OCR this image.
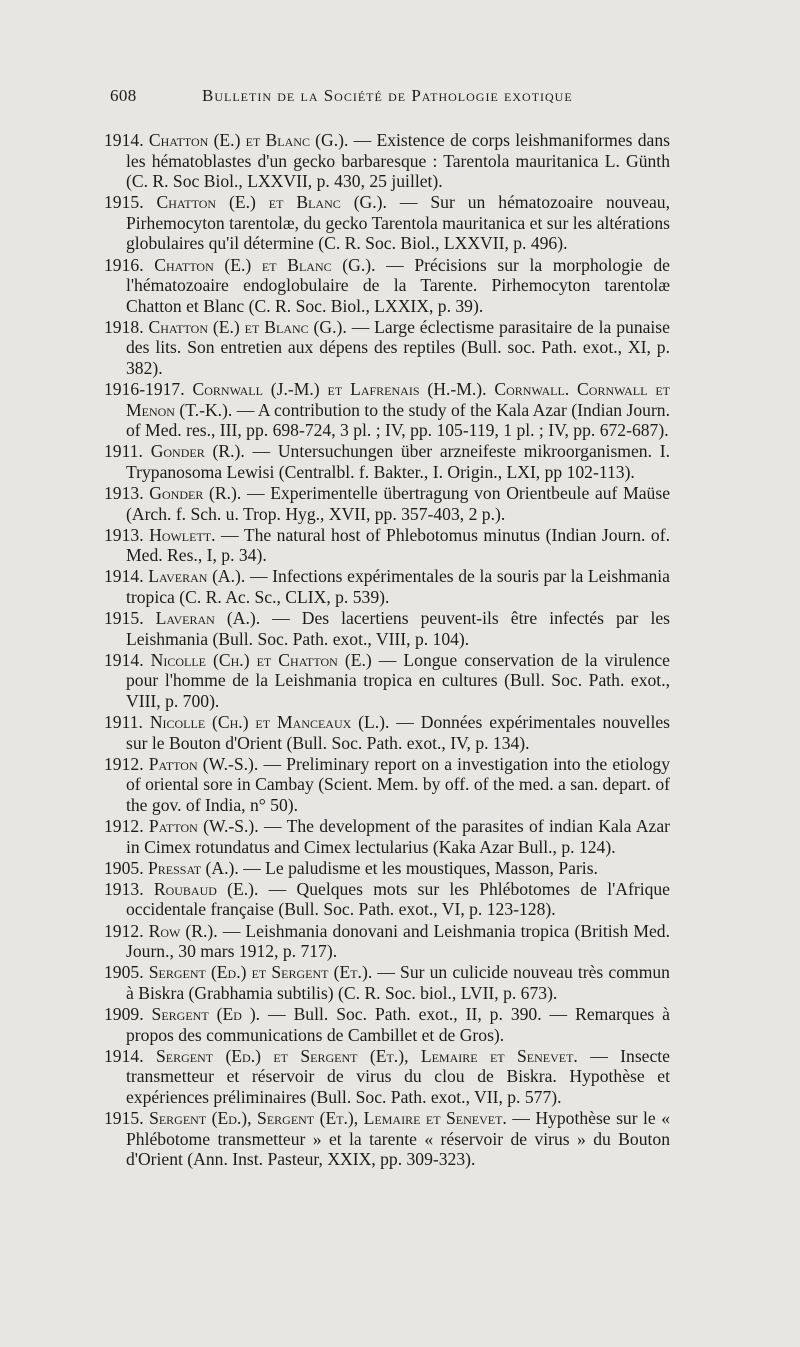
608	Bulletin de la Société de Pathologie exotique

1914. Chatton (E.) et Blanc (G.). — Existence de corps leishmaniformes dans les hématoblastes d'un gecko barbaresque : Tarentola mauritanica L. Günth (C. R. Soc Biol., LXXVII, p. 430, 25 juillet).

1915. Chatton (E.) et Blanc (G.). — Sur un hématozoaire nouveau, Pirhemocyton tarentolæ, du gecko Tarentola mauritanica et sur les altérations globulaires qu'il détermine (C. R. Soc. Biol., LXXVII, p. 496).

1916. Chatton (E.) et Blanc (G.). — Précisions sur la morphologie de l'hématozoaire endoglobulaire de la Tarente. Pirhemocyton tarentolæ Chatton et Blanc (C. R. Soc. Biol., LXXIX, p. 39).

1918. Chatton (E.) et Blanc (G.). — Large éclectisme parasitaire de la punaise des lits. Son entretien aux dépens des reptiles (Bull. soc. Path. exot., XI, p. 382).

1916-1917. Cornwall (J.-M.) et Lafrenais (H.-M.). Cornwall. Cornwall et Menon (T.-K.). — A contribution to the study of the Kala Azar (Indian Journ. of Med. res., III, pp. 698-724, 3 pl. ; IV, pp. 105-119, 1 pl. ; IV, pp. 672-687).

1911. Gonder (R.). — Untersuchungen über arzneifeste mikroorganismen. I. Trypanosoma Lewisi (Centralbl. f. Bakter., I. Origin., LXI, pp 102-113).

1913. Gonder (R.). — Experimentelle übertragung von Orientbeule auf Maüse (Arch. f. Sch. u. Trop. Hyg., XVII, pp. 357-403, 2 p.).

1913. Howlett. — The natural host of Phlebotomus minutus (Indian Journ. of. Med. Res., I, p. 34).

1914. Laveran (A.). — Infections expérimentales de la souris par la Leishmania tropica (C. R. Ac. Sc., CLIX, p. 539).

1915. Laveran (A.). — Des lacertiens peuvent-ils être infectés par les Leishmania (Bull. Soc. Path. exot., VIII, p. 104).

1914. Nicolle (Ch.) et Chatton (E.) — Longue conservation de la virulence pour l'homme de la Leishmania tropica en cultures (Bull. Soc. Path. exot., VIII, p. 700).

1911. Nicolle (Ch.) et Manceaux (L.). — Données expérimentales nouvelles sur le Bouton d'Orient (Bull. Soc. Path. exot., IV, p. 134).

1912. Patton (W.-S.). — Preliminary report on a investigation into the etiology of oriental sore in Cambay (Scient. Mem. by off. of the med. a san. depart. of the gov. of India, n° 50).

1912. Patton (W.-S.). — The development of the parasites of indian Kala Azar in Cimex rotundatus and Cimex lectularius (Kaka Azar Bull., p. 124).

1905. Pressat (A.). — Le paludisme et les moustiques, Masson, Paris.

1913. Roubaud (E.). — Quelques mots sur les Phlébotomes de l'Afrique occidentale française (Bull. Soc. Path. exot., VI, p. 123-128).

1912. Row (R.). — Leishmania donovani and Leishmania tropica (British Med. Journ., 30 mars 1912, p. 717).

1905. Sergent (Ed.) et Sergent (Et.). — Sur un culicide nouveau très commun à Biskra (Grabhamia subtilis) (C. R. Soc. biol., LVII, p. 673).

1909. Sergent (Ed ). — Bull. Soc. Path. exot., II, p. 390. — Remarques à propos des communications de Cambillet et de Gros).

1914. Sergent (Ed.) et Sergent (Et.), Lemaire et Senevet. — Insecte transmetteur et réservoir de virus du clou de Biskra. Hypothèse et expériences préliminaires (Bull. Soc. Path. exot., VII, p. 577).

1915. Sergent (Ed.), Sergent (Et.), Lemaire et Senevet. — Hypothèse sur le « Phlébotome transmetteur » et la tarente « réservoir de virus » du Bouton d'Orient (Ann. Inst. Pasteur, XXIX, pp. 309-323).
